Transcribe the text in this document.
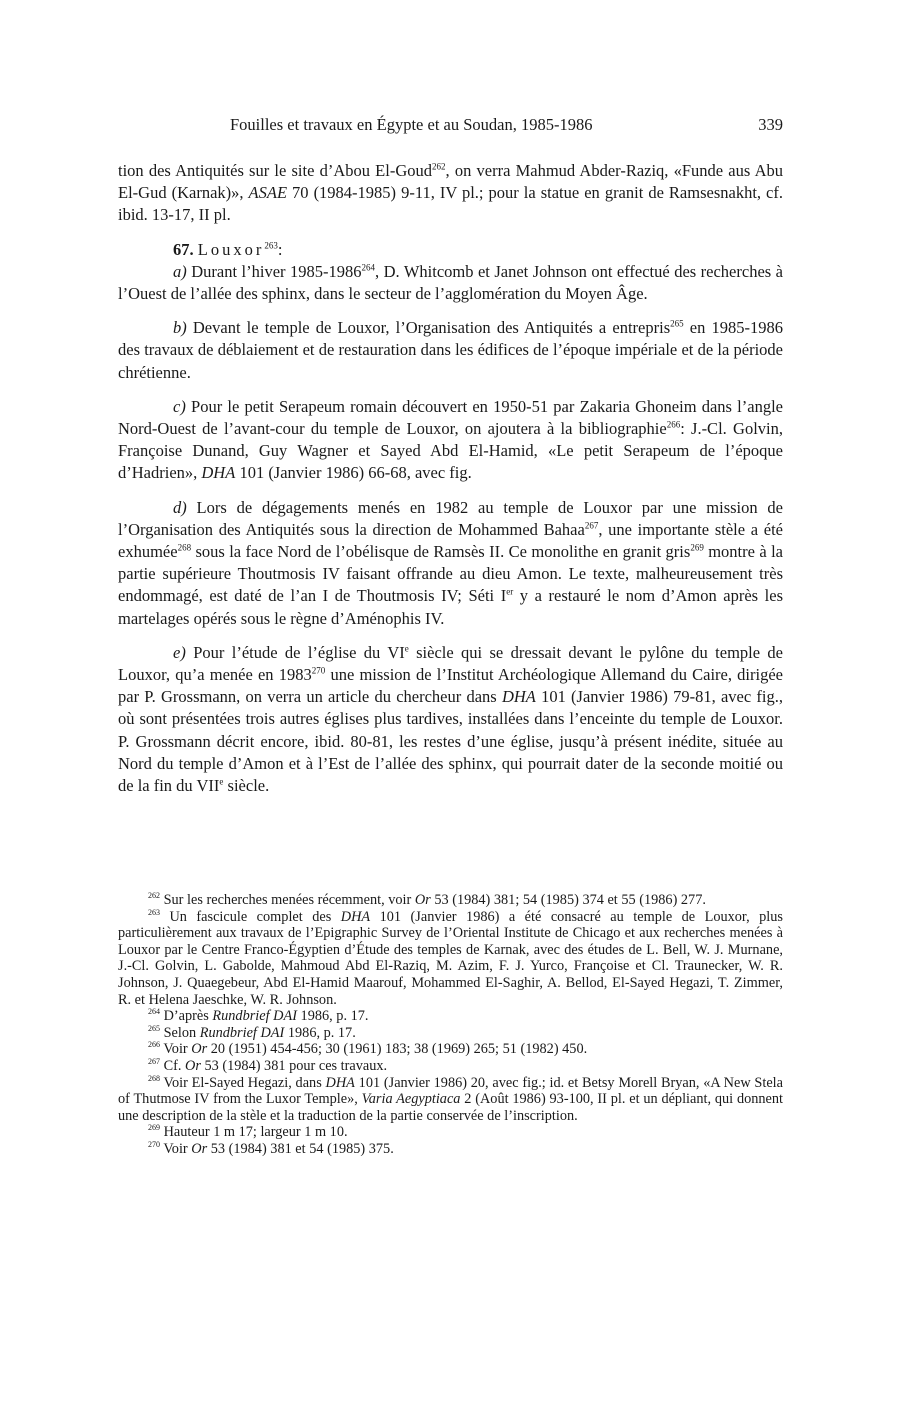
Fouilles et travaux en Égypte et au Soudan, 1985-1986	339

tion des Antiquités sur le site d’Abou El-Goud$^{262}$, on verra Mahmud Abder-Raziq, «Funde aus Abu El-Gud (Karnak)», ASAE 70 (1984-1985) 9-11, IV pl.; pour la statue en granit de Ramsesnakht, cf. ibid. 13-17, II pl.

67. Louxor$^{263}$:

a) Durant l’hiver 1985-1986$^{264}$, D. Whitcomb et Janet Johnson ont effectué des recherches à l’Ouest de l’allée des sphinx, dans le secteur de l’agglomération du Moyen Âge.

b) Devant le temple de Louxor, l’Organisation des Antiquités a entrepris$^{265}$ en 1985-1986 des travaux de déblaiement et de restauration dans les édifices de l’époque impériale et de la période chrétienne.

c) Pour le petit Serapeum romain découvert en 1950-51 par Zakaria Ghoneim dans l’angle Nord-Ouest de l’avant-cour du temple de Louxor, on ajoutera à la bibliographie$^{266}$: J.-Cl. Golvin, Françoise Dunand, Guy Wagner et Sayed Abd El-Hamid, «Le petit Serapeum de l’époque d’Hadrien», DHA 101 (Janvier 1986) 66-68, avec fig.

d) Lors de dégagements menés en 1982 au temple de Louxor par une mission de l’Organisation des Antiquités sous la direction de Mohammed Bahaa$^{267}$, une importante stèle a été exhumée$^{268}$ sous la face Nord de l’obélisque de Ramsès II. Ce monolithe en granit gris$^{269}$ montre à la partie supérieure Thoutmosis IV faisant offrande au dieu Amon. Le texte, malheureusement très endommagé, est daté de l’an I de Thoutmosis IV; Séti Ier y a restauré le nom d’Amon après les martelages opérés sous le règne d’Aménophis IV.

e) Pour l’étude de l’église du VIe siècle qui se dressait devant le pylône du temple de Louxor, qu’a menée en 1983$^{270}$ une mission de l’Institut Archéologique Allemand du Caire, dirigée par P. Grossmann, on verra un article du chercheur dans DHA 101 (Janvier 1986) 79-81, avec fig., où sont présentées trois autres églises plus tardives, installées dans l’enceinte du temple de Louxor. P. Grossmann décrit encore, ibid. 80-81, les restes d’une église, jusqu’à présent inédite, située au Nord du temple d’Amon et à l’Est de l’allée des sphinx, qui pourrait dater de la seconde moitié ou de la fin du VIIe siècle.

$^{262}$ Sur les recherches menées récemment, voir Or 53 (1984) 381; 54 (1985) 374 et 55 (1986) 277.

$^{263}$ Un fascicule complet des DHA 101 (Janvier 1986) a été consacré au temple de Louxor, plus particulièrement aux travaux de l’Epigraphic Survey de l’Oriental Institute de Chicago et aux recherches menées à Louxor par le Centre Franco-Égyptien d’Étude des temples de Karnak, avec des études de L. Bell, W. J. Murnane, J.-Cl. Golvin, L. Gabolde, Mahmoud Abd El-Raziq, M. Azim, F. J. Yurco, Françoise et Cl. Traunecker, W. R. Johnson, J. Quaegebeur, Abd El-Hamid Maarouf, Mohammed El-Saghir, A. Bellod, El-Sayed Hegazi, T. Zimmer, R. et Helena Jaeschke, W. R. Johnson.

$^{264}$ D’après Rundbrief DAI 1986, p. 17.

$^{265}$ Selon Rundbrief DAI 1986, p. 17.

$^{266}$ Voir Or 20 (1951) 454-456; 30 (1961) 183; 38 (1969) 265; 51 (1982) 450.

$^{267}$ Cf. Or 53 (1984) 381 pour ces travaux.

$^{268}$ Voir El-Sayed Hegazi, dans DHA 101 (Janvier 1986) 20, avec fig.; id. et Betsy Morell Bryan, «A New Stela of Thutmose IV from the Luxor Temple», Varia Aegyptiaca 2 (Août 1986) 93-100, II pl. et un dépliant, qui donnent une description de la stèle et la traduction de la partie conservée de l’inscription.

$^{269}$ Hauteur 1 m 17; largeur 1 m 10.

$^{270}$ Voir Or 53 (1984) 381 et 54 (1985) 375.
